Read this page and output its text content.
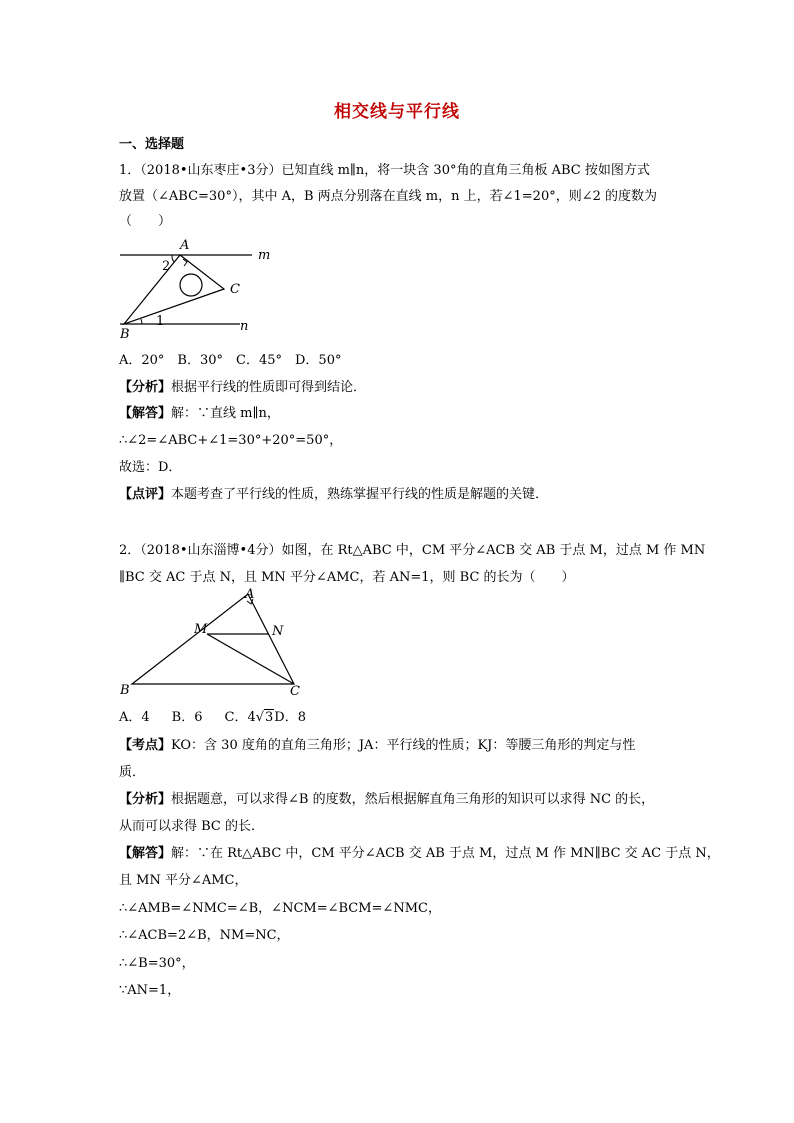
相交线与平行线
一、选择题
1．（2018•山东枣庄•3分）已知直线 m∥n，将一块含 30°角的直角三角板 ABC 按如图方式
放置（∠ABC=30°），其中 A，B 两点分别落在直线 m，n 上，若∠1=20°，则∠2 的度数为
（　　）
A
2
m
C
1	n
B
A．20°　B．30°　C．45°　D．50°
【分析】根据平行线的性质即可得到结论．
【解答】解：∵直线 m∥n，
∴∠2=∠ABC+∠1=30°+20°=50°，
故选：D．
【点评】本题考查了平行线的性质，熟练掌握平行线的性质是解题的关键．
2．（2018•山东淄博•4分）如图，在 Rt△ABC 中，CM 平分∠ACB 交 AB 于点 M，过点 M 作 MN
∥BC 交 AC 于点 N，且 MN 平分∠AMC，若 AN=1，则 BC 的长为（　　）
A
M	N
B	C
A．4 B．6 C．4√3D．8
【考点】KO：含 30 度角的直角三角形；JA：平行线的性质；KJ：等腰三角形的判定与性
质．
【分析】根据题意，可以求得∠B 的度数，然后根据解直角三角形的知识可以求得 NC 的长，
从而可以求得 BC 的长．
【解答】解：∵在 Rt△ABC 中，CM 平分∠ACB 交 AB 于点 M，过点 M 作 MN∥BC 交 AC 于点 N，
且 MN 平分∠AMC，
∴∠AMB=∠NMC=∠B，∠NCM=∠BCM=∠NMC，
∴∠ACB=2∠B，NM=NC，
∴∠B=30°，
∵AN=1，
